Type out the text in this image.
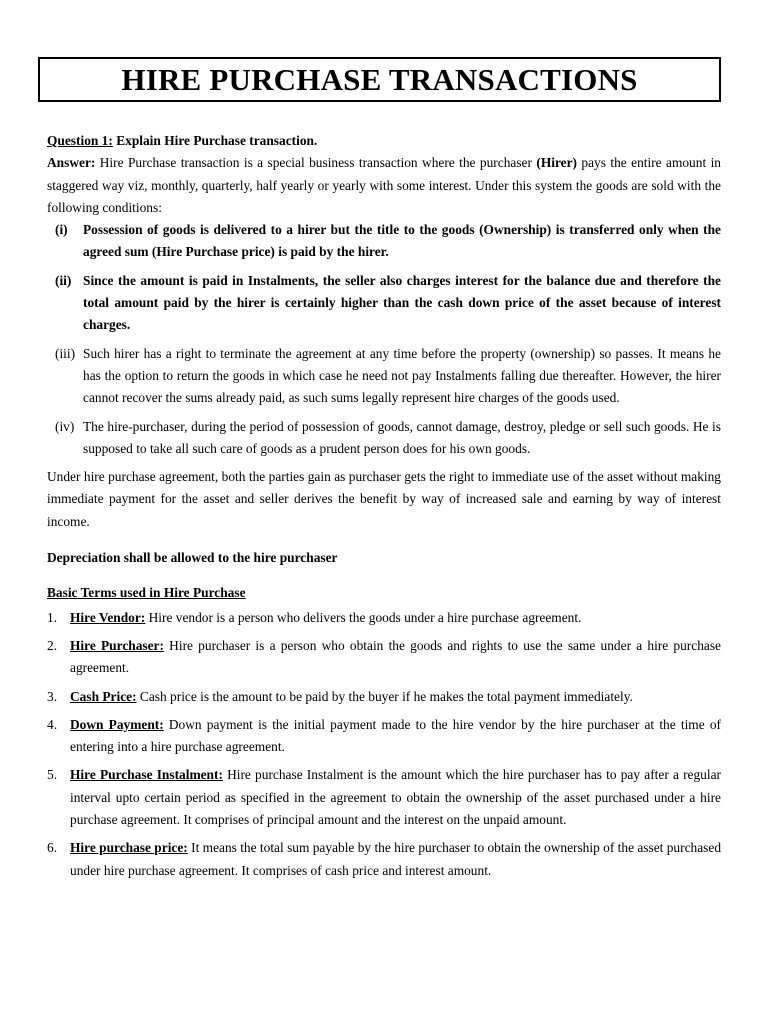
HIRE PURCHASE TRANSACTIONS

Question 1: Explain Hire Purchase transaction.

Answer: Hire Purchase transaction is a special business transaction where the purchaser (Hirer) pays the entire amount in staggered way viz, monthly, quarterly, half yearly or yearly with some interest. Under this system the goods are sold with the following conditions:

(i)	Possession of goods is delivered to a hirer but the title to the goods (Ownership) is transferred only when the agreed sum (Hire Purchase price) is paid by the hirer.
(ii) Since the amount is paid in Instalments, the seller also charges interest for the balance due and therefore the total amount paid by the hirer is certainly higher than the cash down price of the asset because of interest charges.
(iii) Such hirer has a right to terminate the agreement at any time before the property (ownership) so passes. It means he has the option to return the goods in which case he need not pay Instalments falling due thereafter. However, the hirer cannot recover the sums already paid, as such sums legally represent hire charges of the goods used.
(iv) The hire-purchaser, during the period of possession of goods, cannot damage, destroy, pledge or sell such goods. He is supposed to take all such care of goods as a prudent person does for his own goods.

Under hire purchase agreement, both the parties gain as purchaser gets the right to immediate use of the asset without making immediate payment for the asset and seller derives the benefit by way of increased sale and earning by way of interest income.

Depreciation shall be allowed to the hire purchaser

Basic Terms used in Hire Purchase

1. Hire Vendor: Hire vendor is a person who delivers the goods under a hire purchase agreement.
2. Hire Purchaser: Hire purchaser is a person who obtain the goods and rights to use the same under a hire purchase agreement.
3. Cash Price: Cash price is the amount to be paid by the buyer if he makes the total payment immediately.
4. Down Payment: Down payment is the initial payment made to the hire vendor by the hire purchaser at the time of entering into a hire purchase agreement.
5. Hire Purchase Instalment: Hire purchase Instalment is the amount which the hire purchaser has to pay after a regular interval upto certain period as specified in the agreement to obtain the ownership of the asset purchased under a hire purchase agreement. It comprises of principal amount and the interest on the unpaid amount.
6. Hire purchase price: It means the total sum payable by the hire purchaser to obtain the ownership of the asset purchased under hire purchase agreement. It comprises of cash price and interest amount.
